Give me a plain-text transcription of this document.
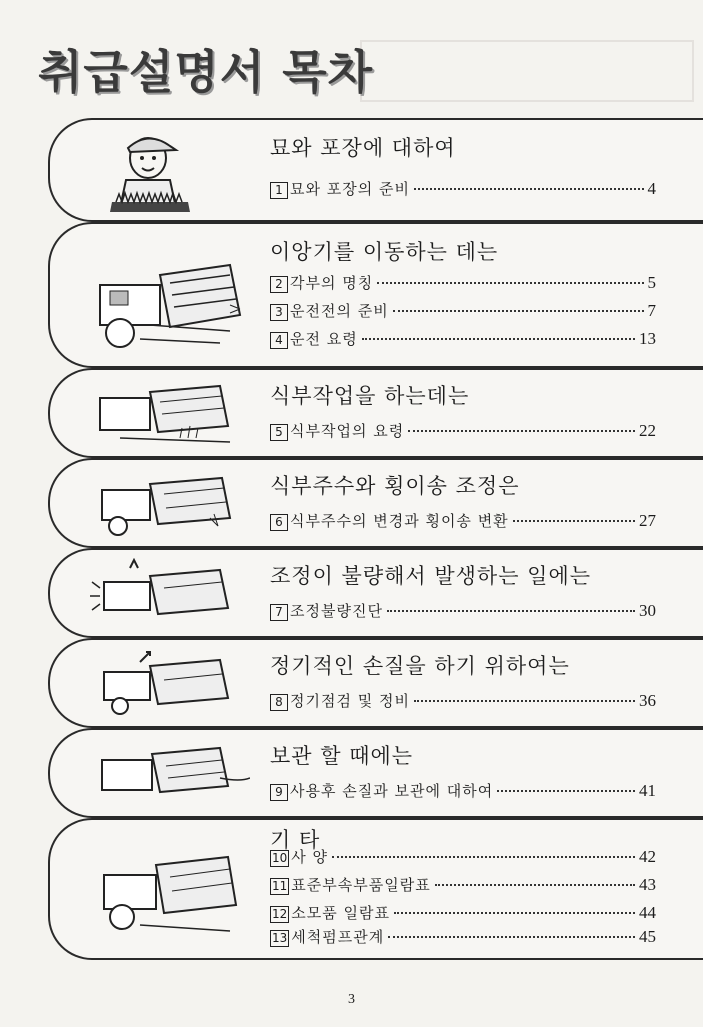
취급설명서 목차
묘와 포장에 대하여
1 묘와 포장의 준비	4
이앙기를 이동하는 데는
2 각부의 명칭	5
3 운전전의 준비	7
4 운전 요령	13
식부작업을 하는데는
5 식부작업의 요령	22
식부주수와 횡이송 조정은
6 식부주수의 변경과 횡이송 변환	27
조정이 불량해서 발생하는 일에는
7 조정불량진단	30
정기적인 손질을 하기 위하여는
8 정기점검 및 정비	36
보관 할 때에는
9 사용후 손질과 보관에 대하여	41
기 타
10 사 양	42
11 표준부속부품일람표	43
12 소모품 일람표	44
13 세척펌프관계	45
3
